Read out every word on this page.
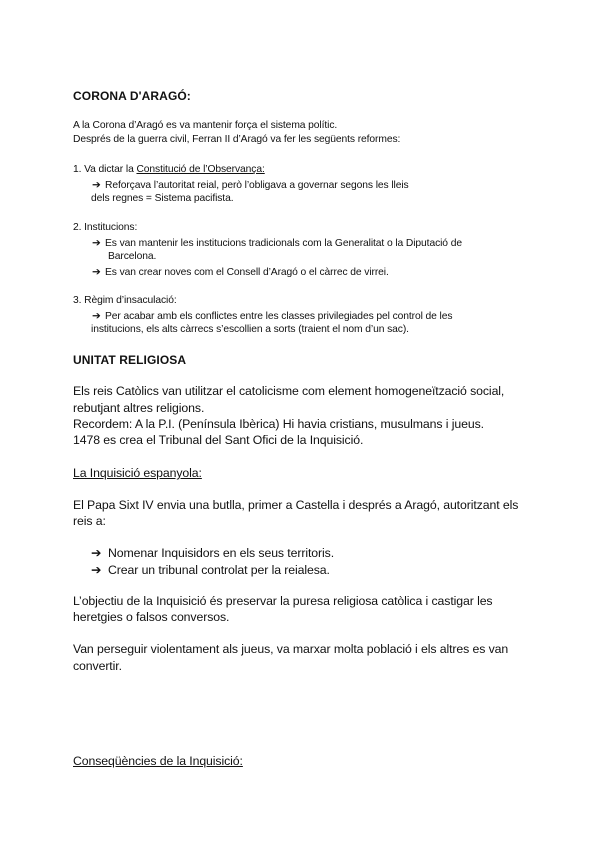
CORONA D'ARAGÓ:

A la Corona d’Aragó es va mantenir força el sistema polític.

Després de la guerra civil, Ferran II d’Aragó va fer les següents reformes:

1. Va dictar la Constitució de l’Observança:

➔ Reforçava l’autoritat reial, però l’obligava a governar segons les lleis

dels regnes = Sistema pacifista.

2. Institucions:

➔ Es van mantenir les institucions tradicionals com la Generalitat o la Diputació de

Barcelona.

➔ Es van crear noves com el Consell d’Aragó o el càrrec de virrei.

3. Règim d’insaculació:

➔ Per acabar amb els conflictes entre les classes privilegiades pel control de les

institucions, els alts càrrecs s’escollien a sorts (traient el nom d’un sac).

UNITAT RELIGIOSA

Els reis Catòlics van utilitzar el catolicisme com element homogeneïtzació social,

rebutjant altres religions.

Recordem: A la P.I. (Península Ibèrica) Hi havia cristians, musulmans i jueus.

1478 es crea el Tribunal del Sant Ofici de la Inquisició.

La Inquisició espanyola:

El Papa Sixt IV envia una butlla, primer a Castella i després a Aragó, autoritzant els

reis a:

➔ Nomenar Inquisidors en els seus territoris.

➔ Crear un tribunal controlat per la reialesa.

L’objectiu de la Inquisició és preservar la puresa religiosa catòlica i castigar les

heretgies o falsos conversos.

Van perseguir violentament als jueus, va marxar molta població i els altres es van

convertir.

Conseqüències de la Inquisició:
